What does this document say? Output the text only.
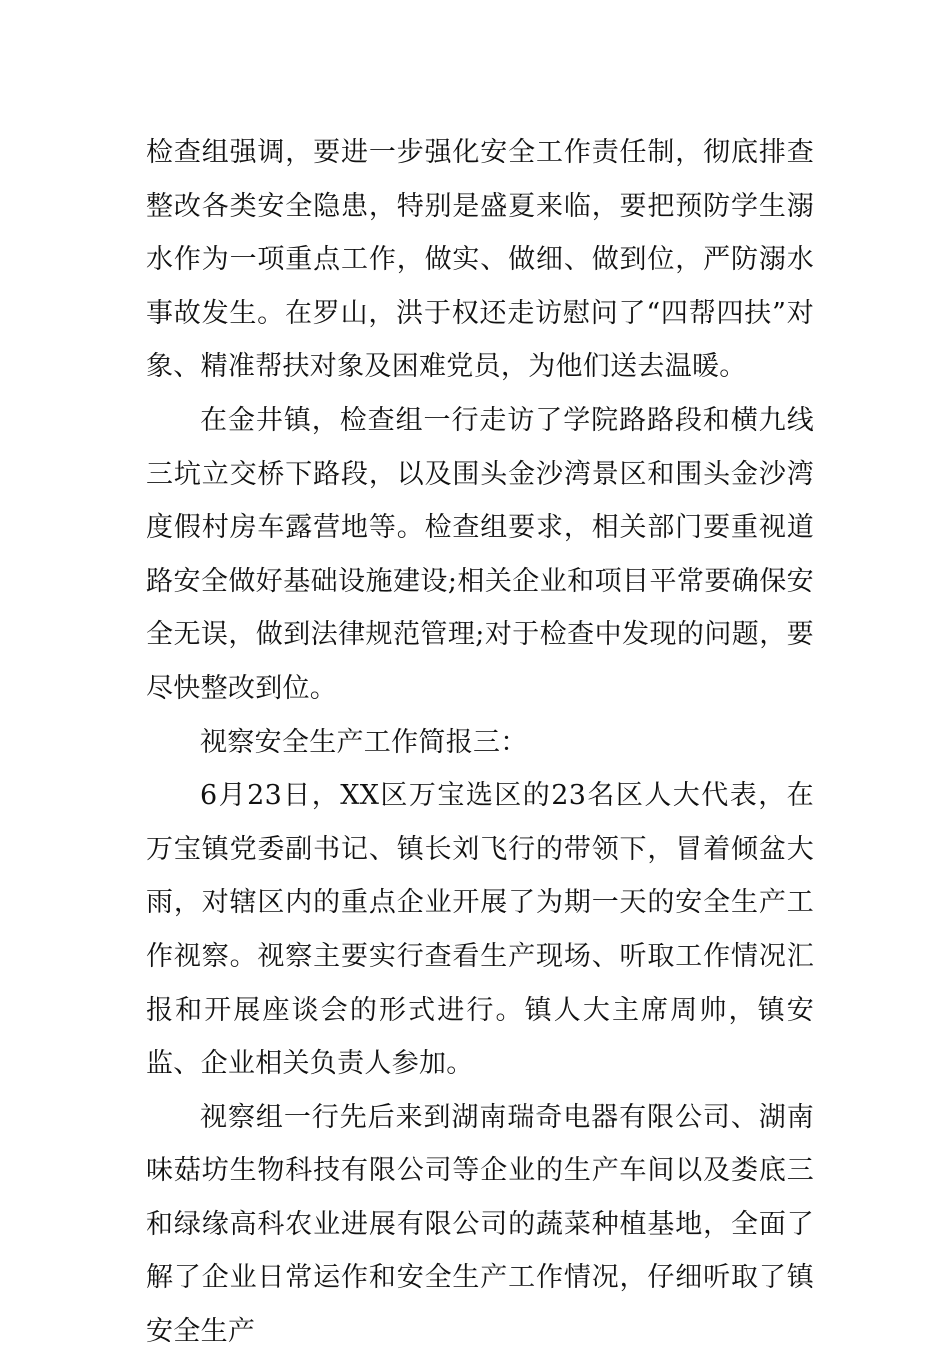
检查组强调，要进一步强化安全工作责任制，彻底排查整改各类安全隐患，特别是盛夏来临，要把预防学生溺水作为一项重点工作，做实、做细、做到位，严防溺水事故发生。在罗山，洪于权还走访慰问了“四帮四扶”对象、精准帮扶对象及困难党员，为他们送去温暖。

在金井镇，检查组一行走访了学院路路段和横九线三坑立交桥下路段，以及围头金沙湾景区和围头金沙湾度假村房车露营地等。检查组要求，相关部门要重视道路安全做好基础设施建设;相关企业和项目平常要确保安全无误，做到法律规范管理;对于检查中发现的问题，要尽快整改到位。

视察安全生产工作简报三：

6月23日，XX区万宝选区的23名区人大代表，在万宝镇党委副书记、镇长刘飞行的带领下，冒着倾盆大雨，对辖区内的重点企业开展了为期一天的安全生产工作视察。视察主要实行查看生产现场、听取工作情况汇报和开展座谈会的形式进行。镇人大主席周帅，镇安监、企业相关负责人参加。

视察组一行先后来到湖南瑞奇电器有限公司、湖南味菇坊生物科技有限公司等企业的生产车间以及娄底三和绿缘高科农业进展有限公司的蔬菜种植基地，全面了解了企业日常运作和安全生产工作情况，仔细听取了镇安全生产
